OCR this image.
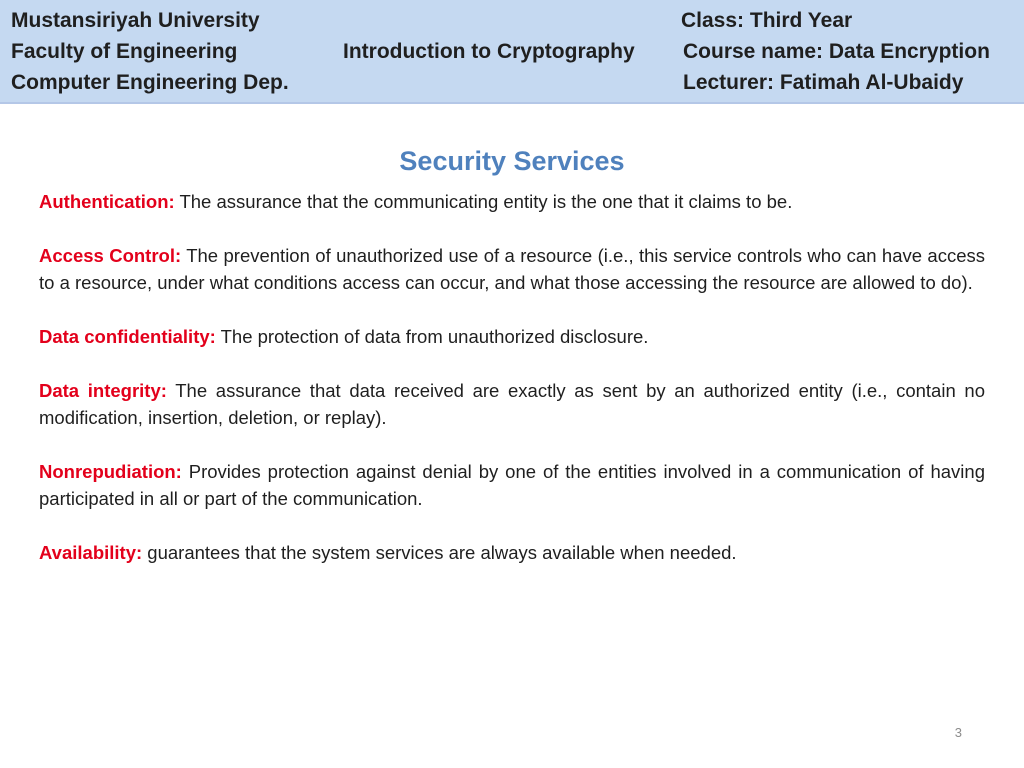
Mustansiriyah University
Faculty of Engineering
Computer Engineering Dep.
Introduction to Cryptography
Class: Third Year
Course name: Data Encryption
Lecturer: Fatimah Al-Ubaidy
Security Services

Authentication: The assurance that the communicating entity is the one that it claims to be.

Access Control: The prevention of unauthorized use of a resource (i.e., this service controls who can have access to a resource, under what conditions access can occur, and what those accessing the resource are allowed to do).

Data confidentiality: The protection of data from unauthorized disclosure.

Data integrity: The assurance that data received are exactly as sent by an authorized entity (i.e., contain no modification, insertion, deletion, or replay).

Nonrepudiation: Provides protection against denial by one of the entities involved in a communication of having participated in all or part of the communication.

Availability: guarantees that the system services are always available when needed.

3
